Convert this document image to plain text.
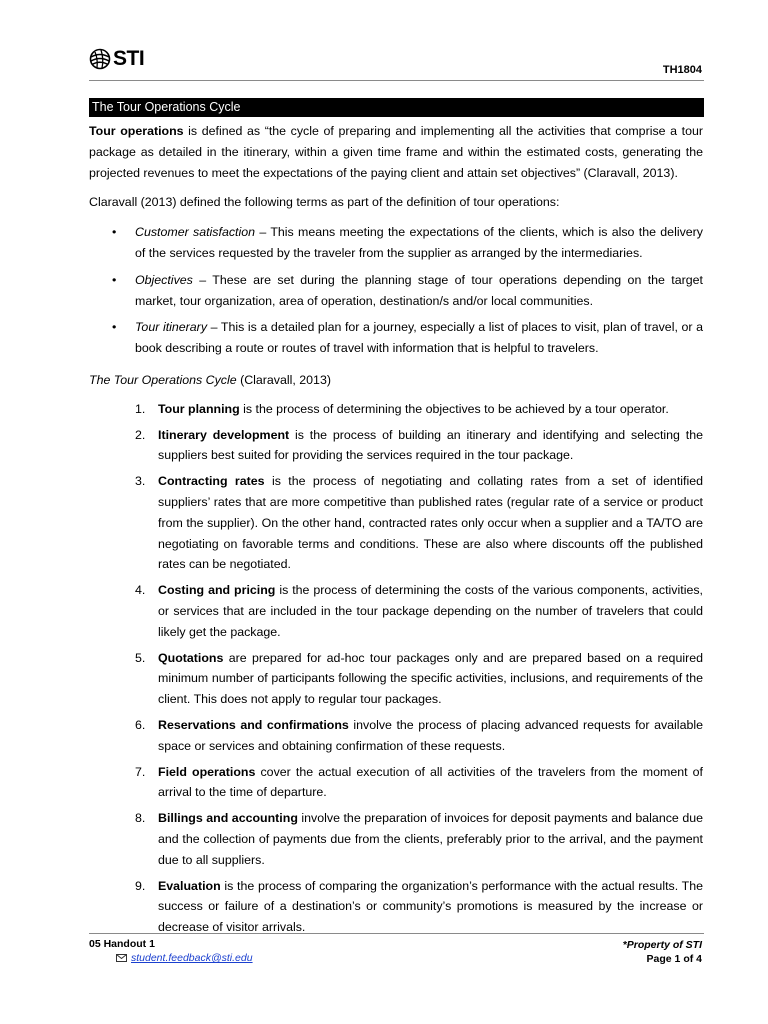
STI	TH1804
The Tour Operations Cycle

Tour operations is defined as “the cycle of preparing and implementing all the activities that comprise a tour package as detailed in the itinerary, within a given time frame and within the estimated costs, generating the projected revenues to meet the expectations of the paying client and attain set objectives” (Claravall, 2013).

Claravall (2013) defined the following terms as part of the definition of tour operations:

• Customer satisfaction – This means meeting the expectations of the clients, which is also the delivery of the services requested by the traveler from the supplier as arranged by the intermediaries.
• Objectives – These are set during the planning stage of tour operations depending on the target market, tour organization, area of operation, destination/s and/or local communities.
• Tour itinerary – This is a detailed plan for a journey, especially a list of places to visit, plan of travel, or a book describing a route or routes of travel with information that is helpful to travelers.

The Tour Operations Cycle (Claravall, 2013)

1. Tour planning is the process of determining the objectives to be achieved by a tour operator.
2. Itinerary development is the process of building an itinerary and identifying and selecting the suppliers best suited for providing the services required in the tour package.
3. Contracting rates is the process of negotiating and collating rates from a set of identified suppliers’ rates that are more competitive than published rates (regular rate of a service or product from the supplier). On the other hand, contracted rates only occur when a supplier and a TA/TO are negotiating on favorable terms and conditions. These are also where discounts off the published rates can be negotiated.
4. Costing and pricing is the process of determining the costs of the various components, activities, or services that are included in the tour package depending on the number of travelers that could likely get the package.
5. Quotations are prepared for ad-hoc tour packages only and are prepared based on a required minimum number of participants following the specific activities, inclusions, and requirements of the client. This does not apply to regular tour packages.
6. Reservations and confirmations involve the process of placing advanced requests for available space or services and obtaining confirmation of these requests.
7. Field operations cover the actual execution of all activities of the travelers from the moment of arrival to the time of departure.
8. Billings and accounting involve the preparation of invoices for deposit payments and balance due and the collection of payments due from the clients, preferably prior to the arrival, and the payment due to all suppliers.
9. Evaluation is the process of comparing the organization’s performance with the actual results. The success or failure of a destination’s or community’s promotions is measured by the increase or decrease of visitor arrivals.
05 Handout 1
student.feedback@sti.edu
*Property of STI
Page 1 of 4
